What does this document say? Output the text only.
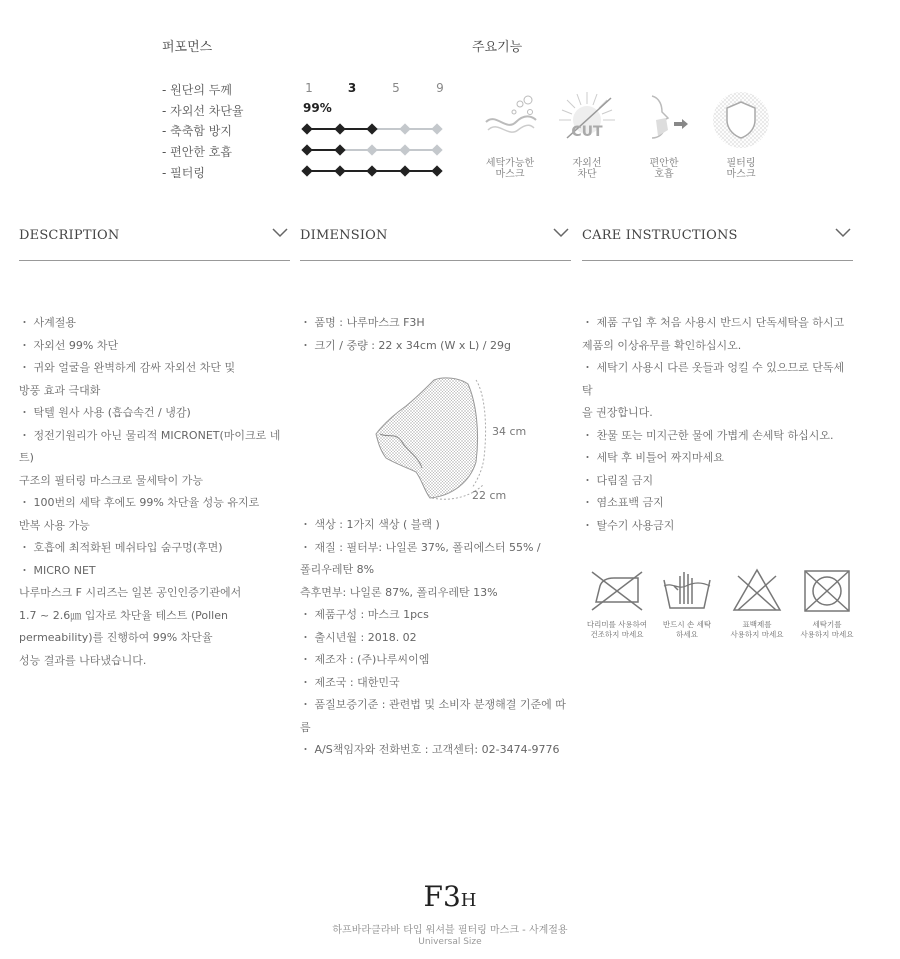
퍼포먼스
1	3	5	9
- 원단의 두께
- 자외선 차단율	99%
- 축축함 방지
- 편안한 호흡
- 필터링
주요기능
세탁가능한
마스크
CUT
자외선
차단
편안한
호흡
필터링
마스크
DESCRIPTION	DIMENSION	CARE INSTRUCTIONS
・ 사계절용
・ 자외선 99% 차단
・ 귀와 얼굴을 완벽하게 감싸 자외선 차단 및
방풍 효과 극대화
・ 탁텔 원사 사용 (흡습속건 / 냉감)
・ 정전기원리가 아닌 물리적 MICRONET(마이크로 네
트)
구조의 필터링 마스크로 물세탁이 가능
・ 100번의 세탁 후에도 99% 차단율 성능 유지로
반복 사용 가능
・ 호흡에 최적화된 메쉬타입 숨구멍(후면)
・ MICRO NET
나루마스크 F 시리즈는 일본 공인인증기관에서
1.7 ~ 2.6㎛ 입자로 차단율 테스트 (Pollen
permeability)를 진행하여 99% 차단율
성능 결과를 나타냈습니다.
・ 품명 : 나루마스크 F3H
・ 크기 / 중량 : 22 x 34cm (W x L) / 29g
34 cm
22 cm
・ 색상 : 1가지 색상 ( 블랙 )
・ 재질 : 필터부: 나일론 37%, 폴리에스터 55% /
폴리우레탄 8%
측후면부: 나일론 87%, 폴리우레탄 13%
・ 제품구성 : 마스크 1pcs
・ 출시년월 : 2018. 02
・ 제조자 : (주)나루씨이엠
・ 제조국 : 대한민국
・ 품질보증기준 : 관련법 및 소비자 분쟁해결 기준에 따
름
・ A/S책임자와 전화번호 : 고객센터: 02-3474-9776
・ 제품 구입 후 처음 사용시 반드시 단독세탁을 하시고
제품의 이상유무를 확인하십시오.
・ 세탁기 사용시 다른 옷들과 엉킬 수 있으므로 단독세
탁
을 권장합니다.
・ 찬물 또는 미지근한 물에 가볍게 손세탁 하십시오.
・ 세탁 후 비틀어 짜지마세요
・ 다림질 금지
・ 염소표백 금지
・ 탈수기 사용금지
다리미를 사용하여
건조하지 마세요
반드시 손 세탁
하세요
표백제를
사용하지 마세요
세탁기를
사용하지 마세요
F3H
하프바라클라바 타입 워셔블 필터링 마스크 - 사계절용
Universal Size
